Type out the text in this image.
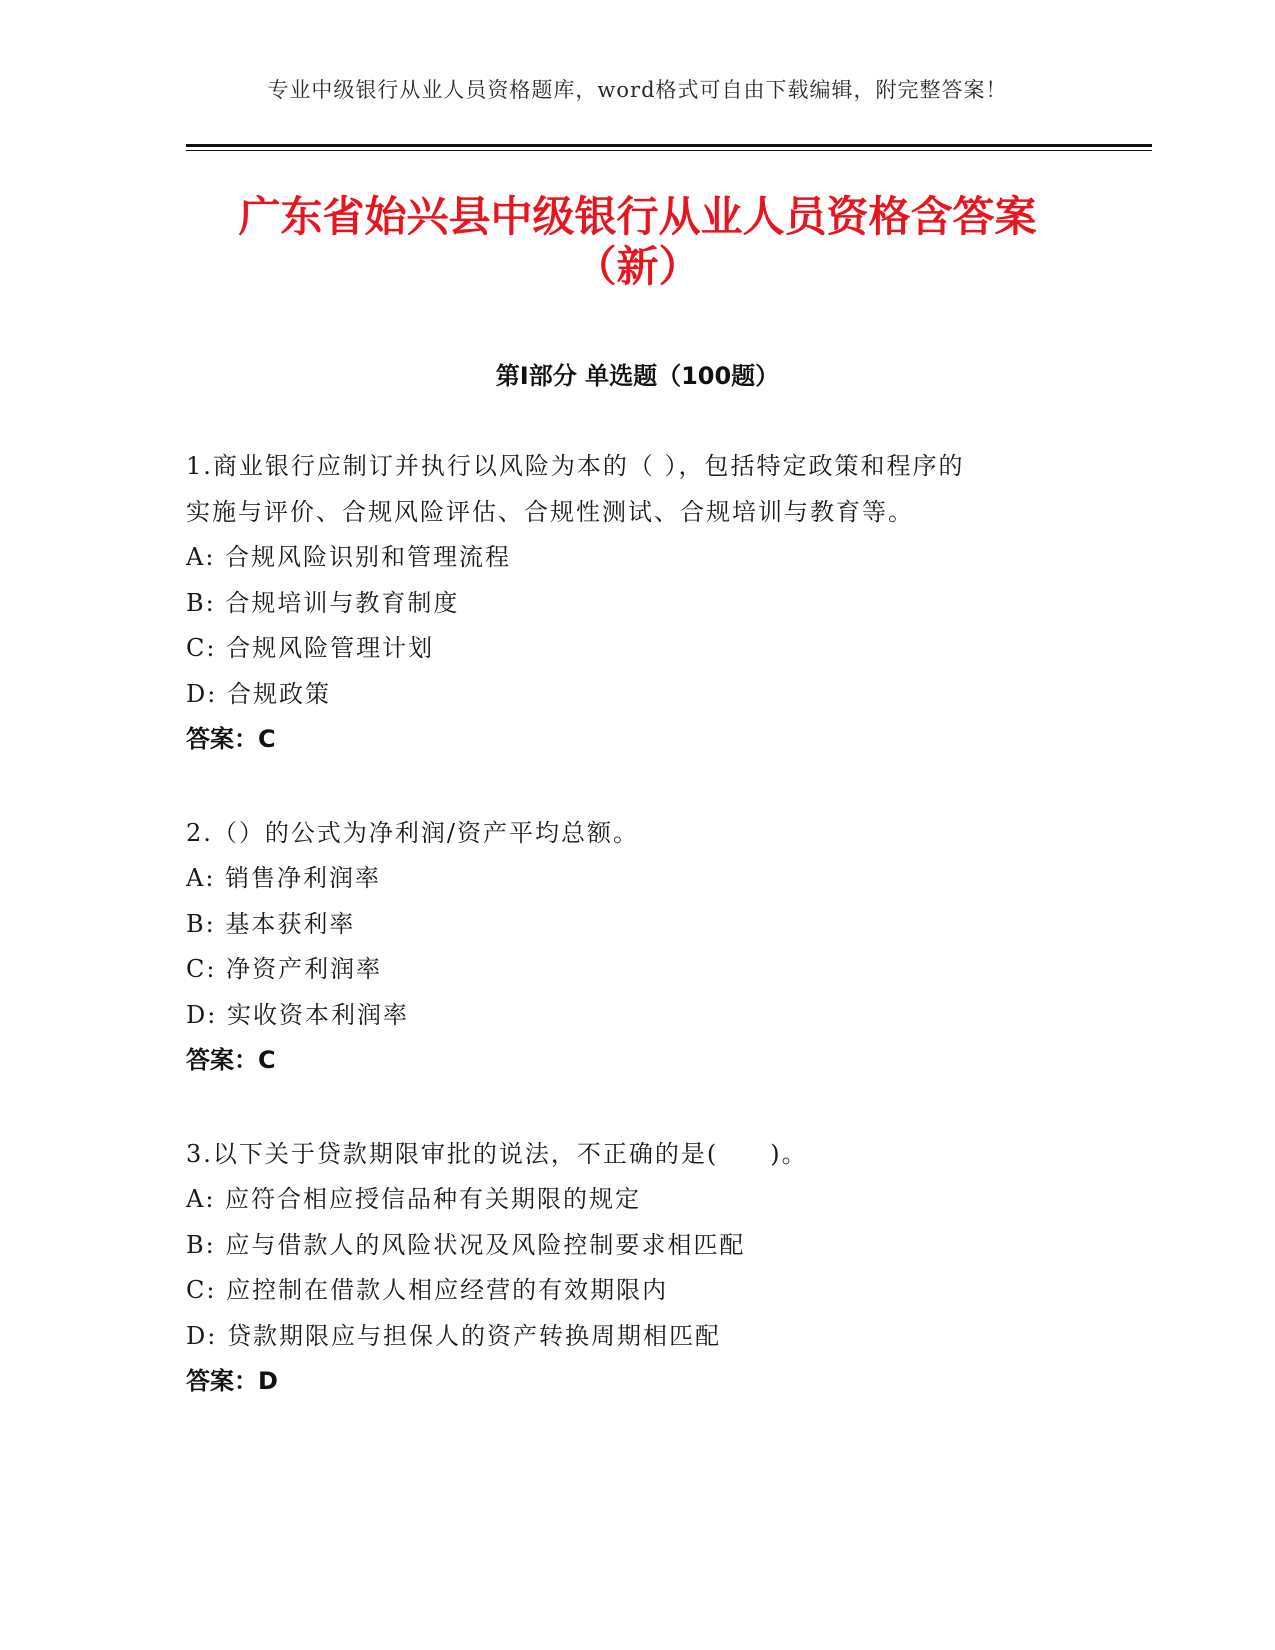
专业中级银行从业人员资格题库，word格式可自由下载编辑，附完整答案！
广东省始兴县中级银行从业人员资格含答案
（新）
第Ⅰ部分 单选题（100题）
1.商业银行应制订并执行以风险为本的（ ），包括特定政策和程序的
实施与评价、合规风险评估、合规性测试、合规培训与教育等。
A: 合规风险识别和管理流程
B: 合规培训与教育制度
C: 合规风险管理计划
D: 合规政策
答案：C
2.（）的公式为净利润/资产平均总额。
A: 销售净利润率
B: 基本获利率
C: 净资产利润率
D: 实收资本利润率
答案：C
3.以下关于贷款期限审批的说法，不正确的是(　　)。
A: 应符合相应授信品种有关期限的规定
B: 应与借款人的风险状况及风险控制要求相匹配
C: 应控制在借款人相应经营的有效期限内
D: 贷款期限应与担保人的资产转换周期相匹配
答案：D
